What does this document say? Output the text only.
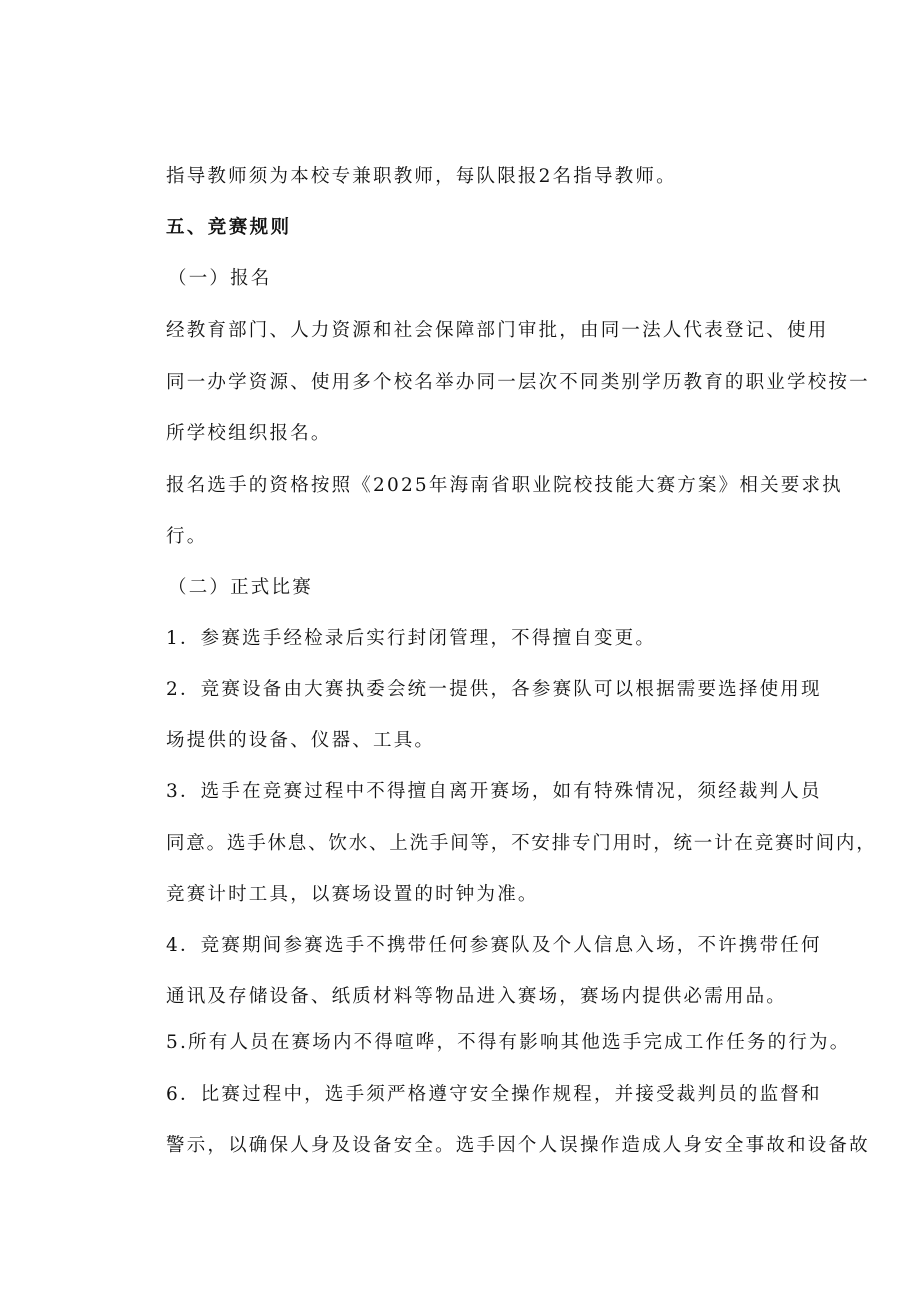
指导教师须为本校专兼职教师，每队限报2名指导教师。
五、竞赛规则
（一）报名
经教育部门、人力资源和社会保障部门审批，由同一法人代表登记、使用
同一办学资源、使用多个校名举办同一层次不同类别学历教育的职业学校按一
所学校组织报名。
报名选手的资格按照《2025年海南省职业院校技能大赛方案》相关要求执
行。
（二）正式比赛
1．参赛选手经检录后实行封闭管理，不得擅自变更。
2．竞赛设备由大赛执委会统一提供，各参赛队可以根据需要选择使用现
场提供的设备、仪器、工具。
3．选手在竞赛过程中不得擅自离开赛场，如有特殊情况，须经裁判人员
同意。选手休息、饮水、上洗手间等，不安排专门用时，统一计在竞赛时间内，
竞赛计时工具，以赛场设置的时钟为准。
4．竞赛期间参赛选手不携带任何参赛队及个人信息入场，不许携带任何
通讯及存储设备、纸质材料等物品进入赛场，赛场内提供必需用品。
5.所有人员在赛场内不得喧哗，不得有影响其他选手完成工作任务的行为。
6．比赛过程中，选手须严格遵守安全操作规程，并接受裁判员的监督和
警示，以确保人身及设备安全。选手因个人误操作造成人身安全事故和设备故
